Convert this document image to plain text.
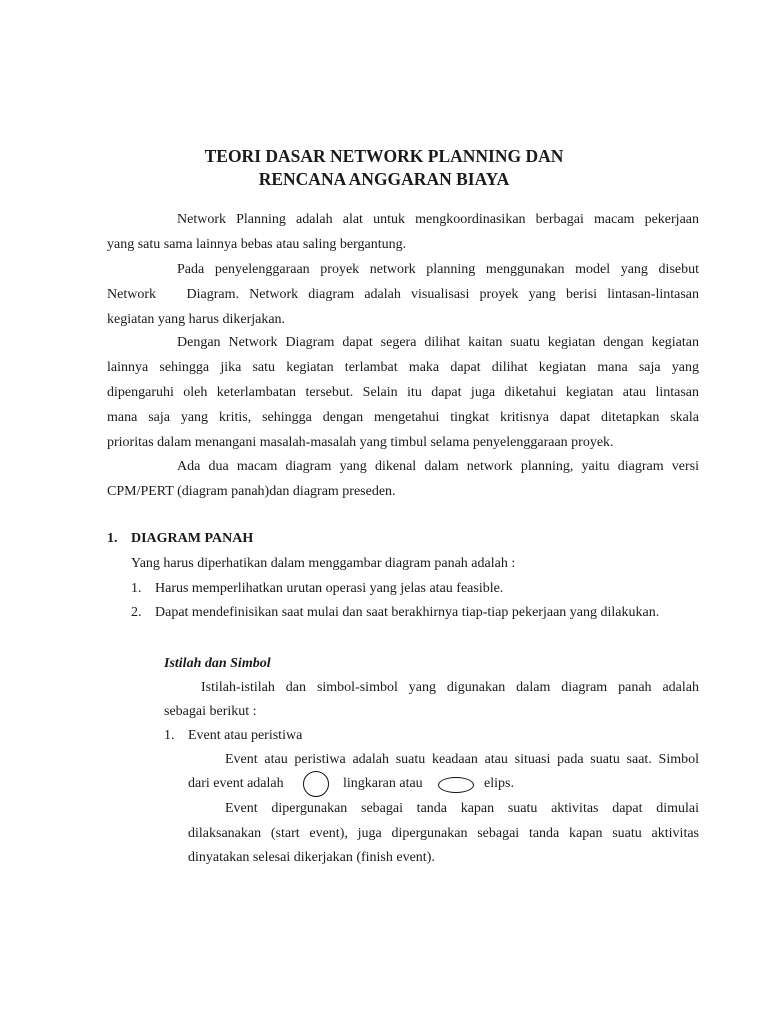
TEORI DASAR NETWORK PLANNING DAN
RENCANA ANGGARAN BIAYA
Network Planning adalah alat untuk mengkoordinasikan berbagai macam pekerjaan
yang satu sama lainnya bebas atau saling bergantung.
Pada penyelenggaraan proyek network planning menggunakan model yang disebut
Network   Diagram. Network diagram adalah visualisasi proyek yang berisi lintasan-lintasan
kegiatan yang harus dikerjakan.
Dengan Network Diagram dapat segera dilihat kaitan suatu kegiatan dengan kegiatan
lainnya sehingga jika satu kegiatan terlambat maka dapat dilihat kegiatan mana saja yang
dipengaruhi oleh keterlambatan tersebut. Selain itu dapat juga diketahui kegiatan atau lintasan
mana saja yang kritis, sehingga dengan mengetahui tingkat kritisnya dapat ditetapkan skala
prioritas dalam menangani masalah-masalah yang timbul selama penyelenggaraan proyek.
Ada dua macam diagram yang dikenal dalam network planning, yaitu diagram versi
CPM/PERT (diagram panah)dan diagram preseden.
1. DIAGRAM PANAH
Yang harus diperhatikan dalam menggambar diagram panah adalah :
1. Harus memperlihatkan urutan operasi yang jelas atau feasible.
2. Dapat mendefinisikan saat mulai dan saat berakhirnya tiap-tiap pekerjaan yang dilakukan.
Istilah dan Simbol
Istilah-istilah dan simbol-simbol yang digunakan dalam diagram panah adalah
sebagai berikut :
1. Event atau peristiwa
Event atau peristiwa adalah suatu keadaan atau situasi pada suatu saat. Simbol
dari event adalah	lingkaran atau	elips.
Event dipergunakan sebagai tanda kapan suatu aktivitas dapat dimulai
dilaksanakan (start event), juga dipergunakan sebagai tanda kapan suatu aktivitas
dinyatakan selesai dikerjakan (finish event).
